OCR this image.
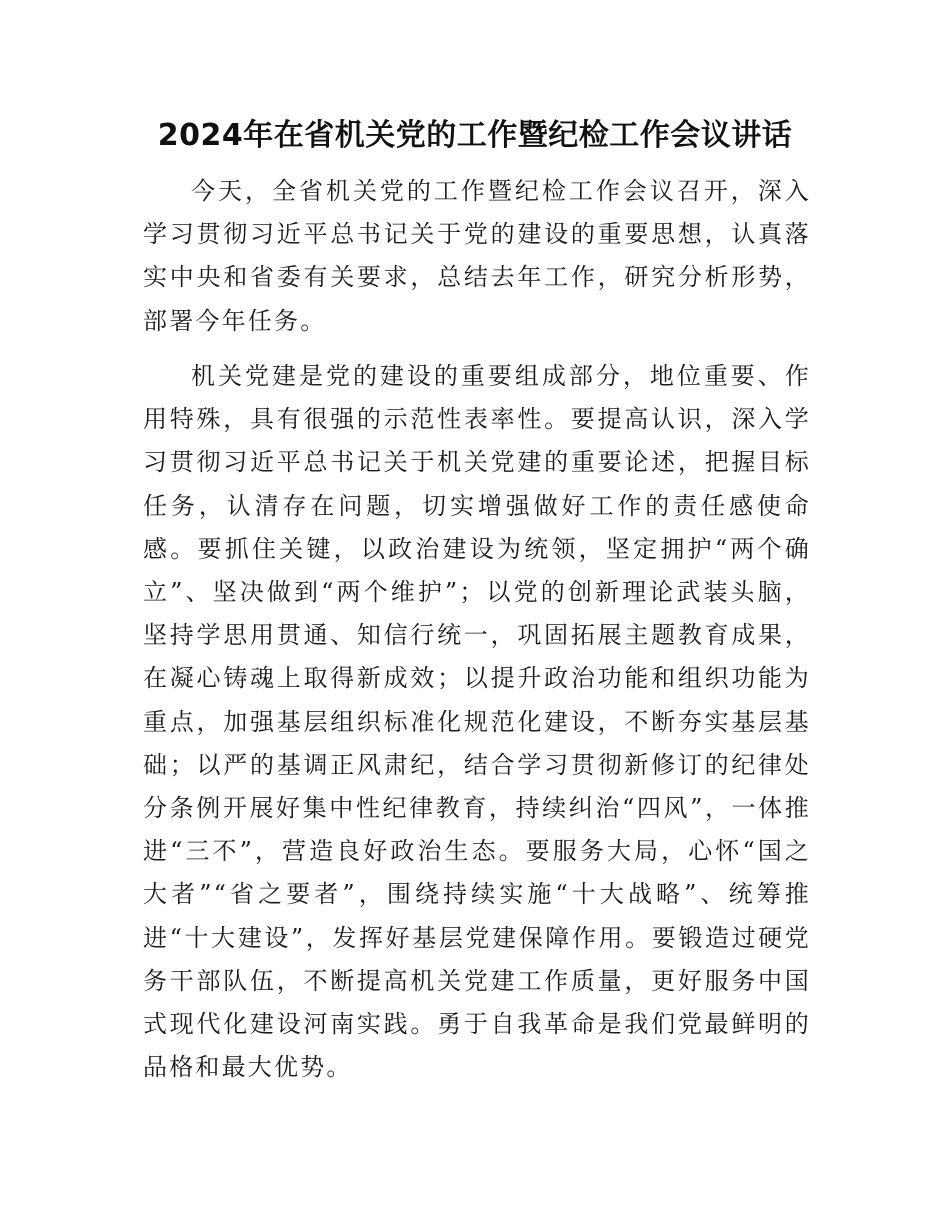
2024年在省机关党的工作暨纪检工作会议讲话

今天，全省机关党的工作暨纪检工作会议召开，深入学习贯彻习近平总书记关于党的建设的重要思想，认真落实中央和省委有关要求，总结去年工作，研究分析形势，部署今年任务。

机关党建是党的建设的重要组成部分，地位重要、作用特殊，具有很强的示范性表率性。要提高认识，深入学习贯彻习近平总书记关于机关党建的重要论述，把握目标任务，认清存在问题，切实增强做好工作的责任感使命感。要抓住关键，以政治建设为统领，坚定拥护“两个确立”、坚决做到“两个维护”；以党的创新理论武装头脑，坚持学思用贯通、知信行统一，巩固拓展主题教育成果，在凝心铸魂上取得新成效；以提升政治功能和组织功能为重点，加强基层组织标准化规范化建设，不断夯实基层基础；以严的基调正风肃纪，结合学习贯彻新修订的纪律处分条例开展好集中性纪律教育，持续纠治“四风”，一体推进“三不”，营造良好政治生态。要服务大局，心怀“国之大者”“省之要者”，围绕持续实施“十大战略”、统筹推进“十大建设”，发挥好基层党建保障作用。要锻造过硬党务干部队伍，不断提高机关党建工作质量，更好服务中国式现代化建设河南实践。勇于自我革命是我们党最鲜明的品格和最大优势。
